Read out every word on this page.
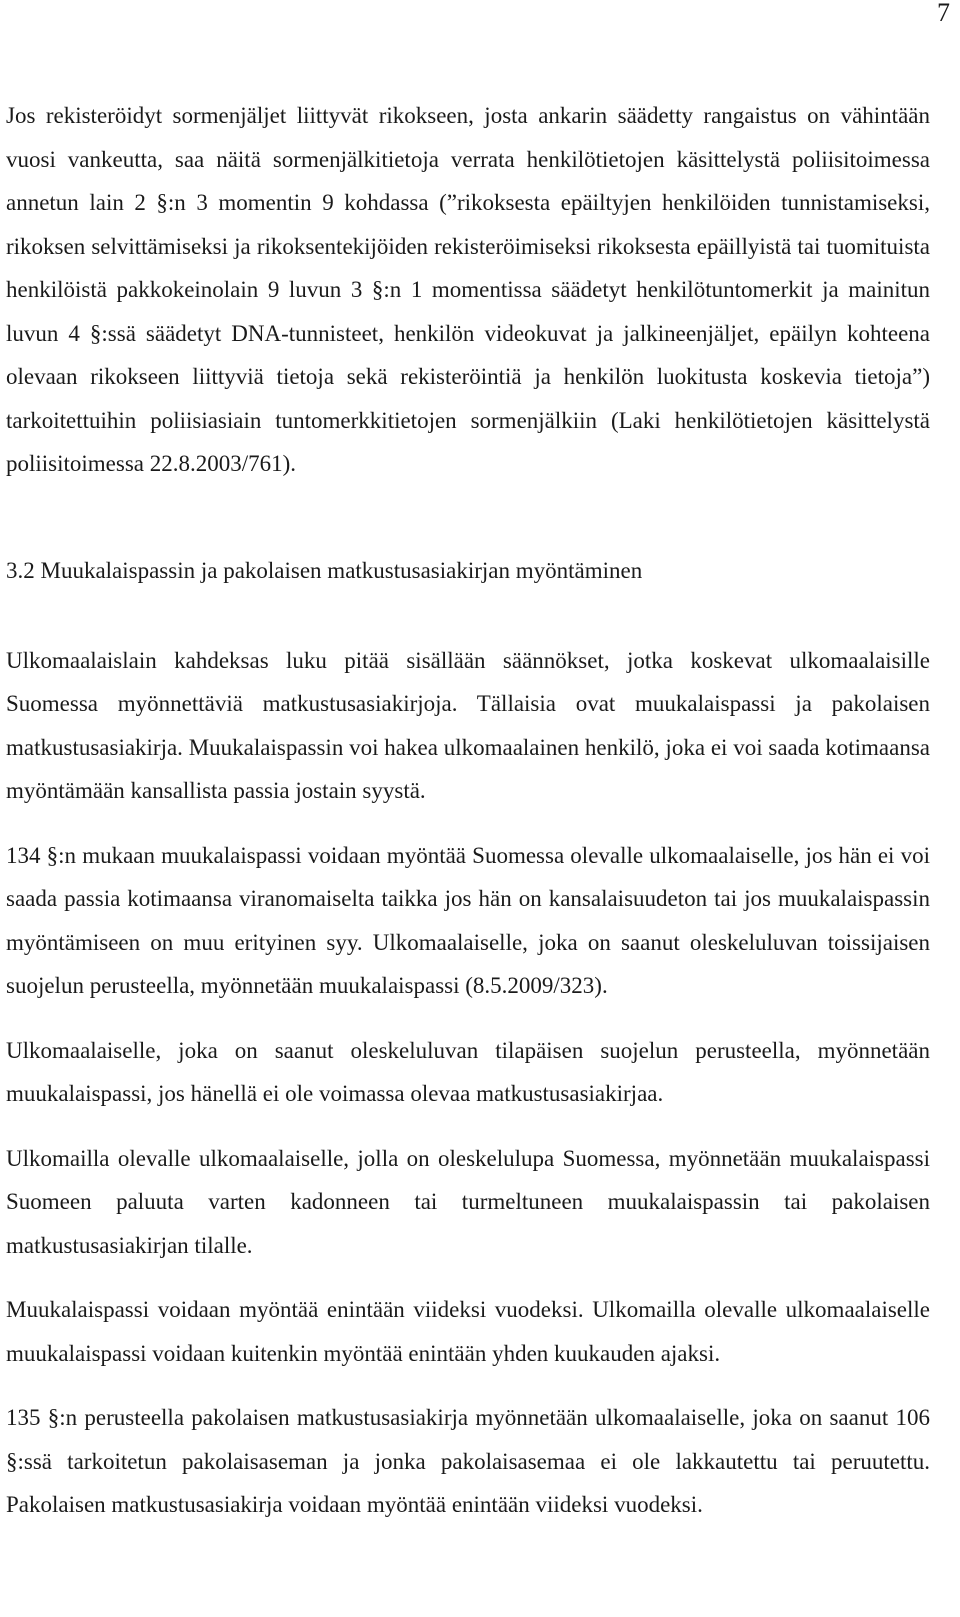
7

Jos rekisteröidyt sormenjäljet liittyvät rikokseen, josta ankarin säädetty rangaistus on vähintään vuosi vankeutta, saa näitä sormenjälkitietoja verrata henkilötietojen käsittelystä poliisitoimessa annetun lain 2 §:n 3 momentin 9 kohdassa (”rikoksesta epäiltyjen henkilöiden tunnistamiseksi, rikoksen selvittämiseksi ja rikoksentekijöiden rekisteröimiseksi rikoksesta epäillyistä tai tuomituista henkilöistä pakkokeinolain 9 luvun 3 §:n 1 momentissa säädetyt henkilötuntomerkit ja mainitun luvun 4 §:ssä säädetyt DNA-tunnisteet, henkilön videokuvat ja jalkineenjäljet, epäilyn kohteena olevaan rikokseen liittyviä tietoja sekä rekisteröintiä ja henkilön luokitusta koskevia tietoja”) tarkoitettuihin poliisiasiain tuntomerkkitietojen sormenjälkiin (Laki henkilötietojen käsittelystä poliisitoimessa 22.8.2003/761).

3.2 Muukalaispassin ja pakolaisen matkustusasiakirjan myöntäminen

Ulkomaalaislain kahdeksas luku pitää sisällään säännökset, jotka koskevat ulkomaalaisille Suomessa myönnettäviä matkustusasiakirjoja. Tällaisia ovat muukalaispassi ja pakolaisen matkustusasiakirja. Muukalaispassin voi hakea ulkomaalainen henkilö, joka ei voi saada kotimaansa myöntämään kansallista passia jostain syystä.

134 §:n mukaan muukalaispassi voidaan myöntää Suomessa olevalle ulkomaalaiselle, jos hän ei voi saada passia kotimaansa viranomaiselta taikka jos hän on kansalaisuudeton tai jos muukalaispassin myöntämiseen on muu erityinen syy. Ulkomaalaiselle, joka on saanut oleskeluluvan toissijaisen suojelun perusteella, myönnetään muukalaispassi (8.5.2009/323).

Ulkomaalaiselle, joka on saanut oleskeluluvan tilapäisen suojelun perusteella, myönnetään muukalaispassi, jos hänellä ei ole voimassa olevaa matkustusasiakirjaa.

Ulkomailla olevalle ulkomaalaiselle, jolla on oleskelulupa Suomessa, myönnetään muukalaispassi Suomeen paluuta varten kadonneen tai turmeltuneen muukalaispassin tai pakolaisen matkustusasiakirjan tilalle.

Muukalaispassi voidaan myöntää enintään viideksi vuodeksi. Ulkomailla olevalle ulkomaalaiselle muukalaispassi voidaan kuitenkin myöntää enintään yhden kuukauden ajaksi.

135 §:n perusteella pakolaisen matkustusasiakirja myönnetään ulkomaalaiselle, joka on saanut 106 §:ssä tarkoitetun pakolaisaseman ja jonka pakolaisasemaa ei ole lakkautettu tai peruutettu. Pakolaisen matkustusasiakirja voidaan myöntää enintään viideksi vuodeksi.
